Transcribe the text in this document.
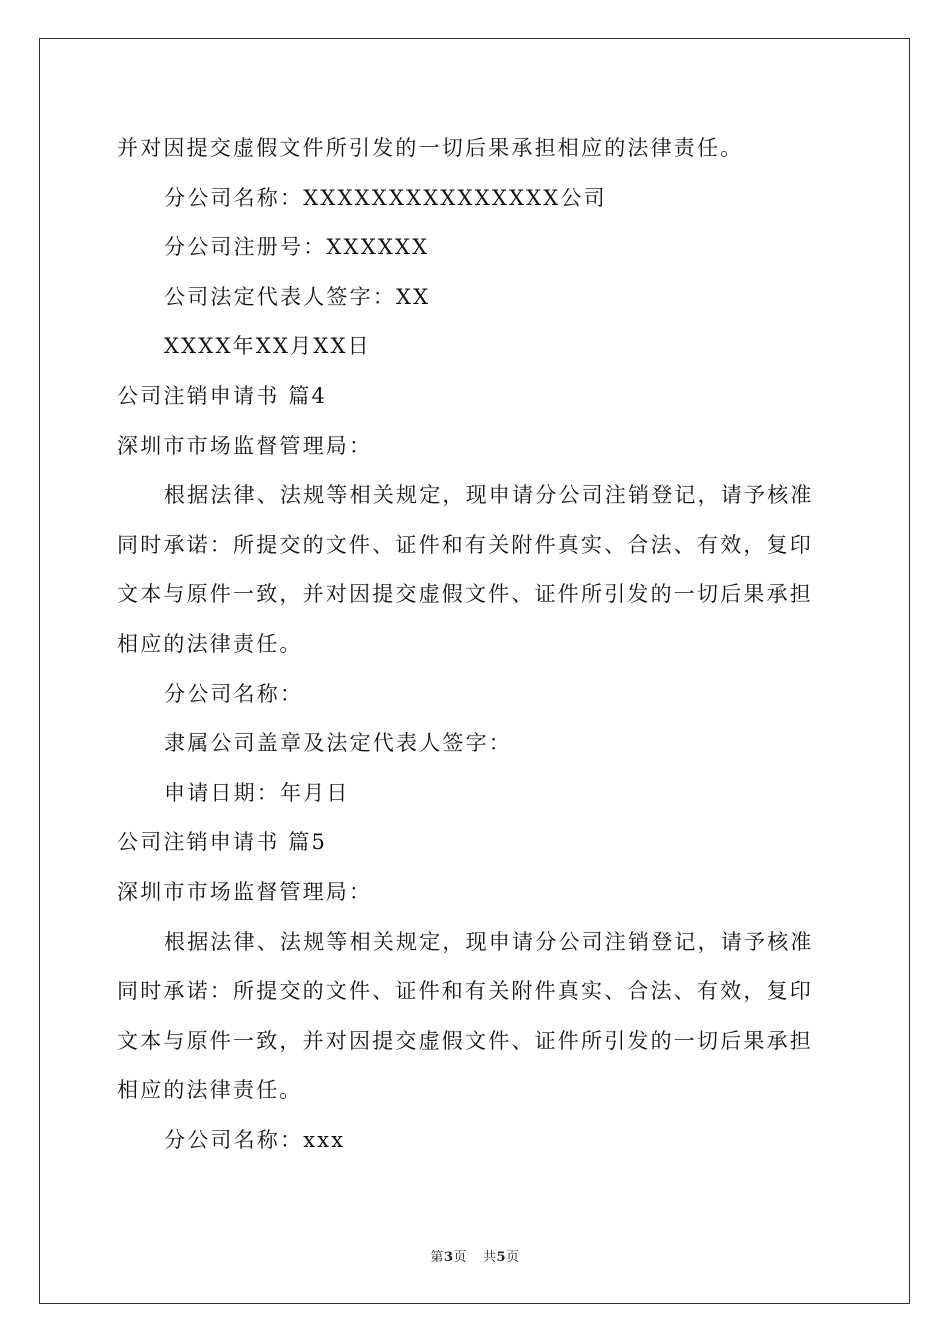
并对因提交虚假文件所引发的一切后果承担相应的法律责任。
分公司名称：XXXXXXXXXXXXXXX公司
分公司注册号：XXXXXX
公司法定代表人签字：XX
XXXX年XX月XX日
公司注销申请书 篇4
深圳市市场监督管理局：
根据法律、法规等相关规定，现申请分公司注销登记，请予核准
同时承诺：所提交的文件、证件和有关附件真实、合法、有效，复印
文本与原件一致，并对因提交虚假文件、证件所引发的一切后果承担
相应的法律责任。
分公司名称：
隶属公司盖章及法定代表人签字：
申请日期：年月日
公司注销申请书 篇5
深圳市市场监督管理局：
根据法律、法规等相关规定，现申请分公司注销登记，请予核准
同时承诺：所提交的文件、证件和有关附件真实、合法、有效，复印
文本与原件一致，并对因提交虚假文件、证件所引发的一切后果承担
相应的法律责任。
分公司名称：xxx
第3页 共5页
